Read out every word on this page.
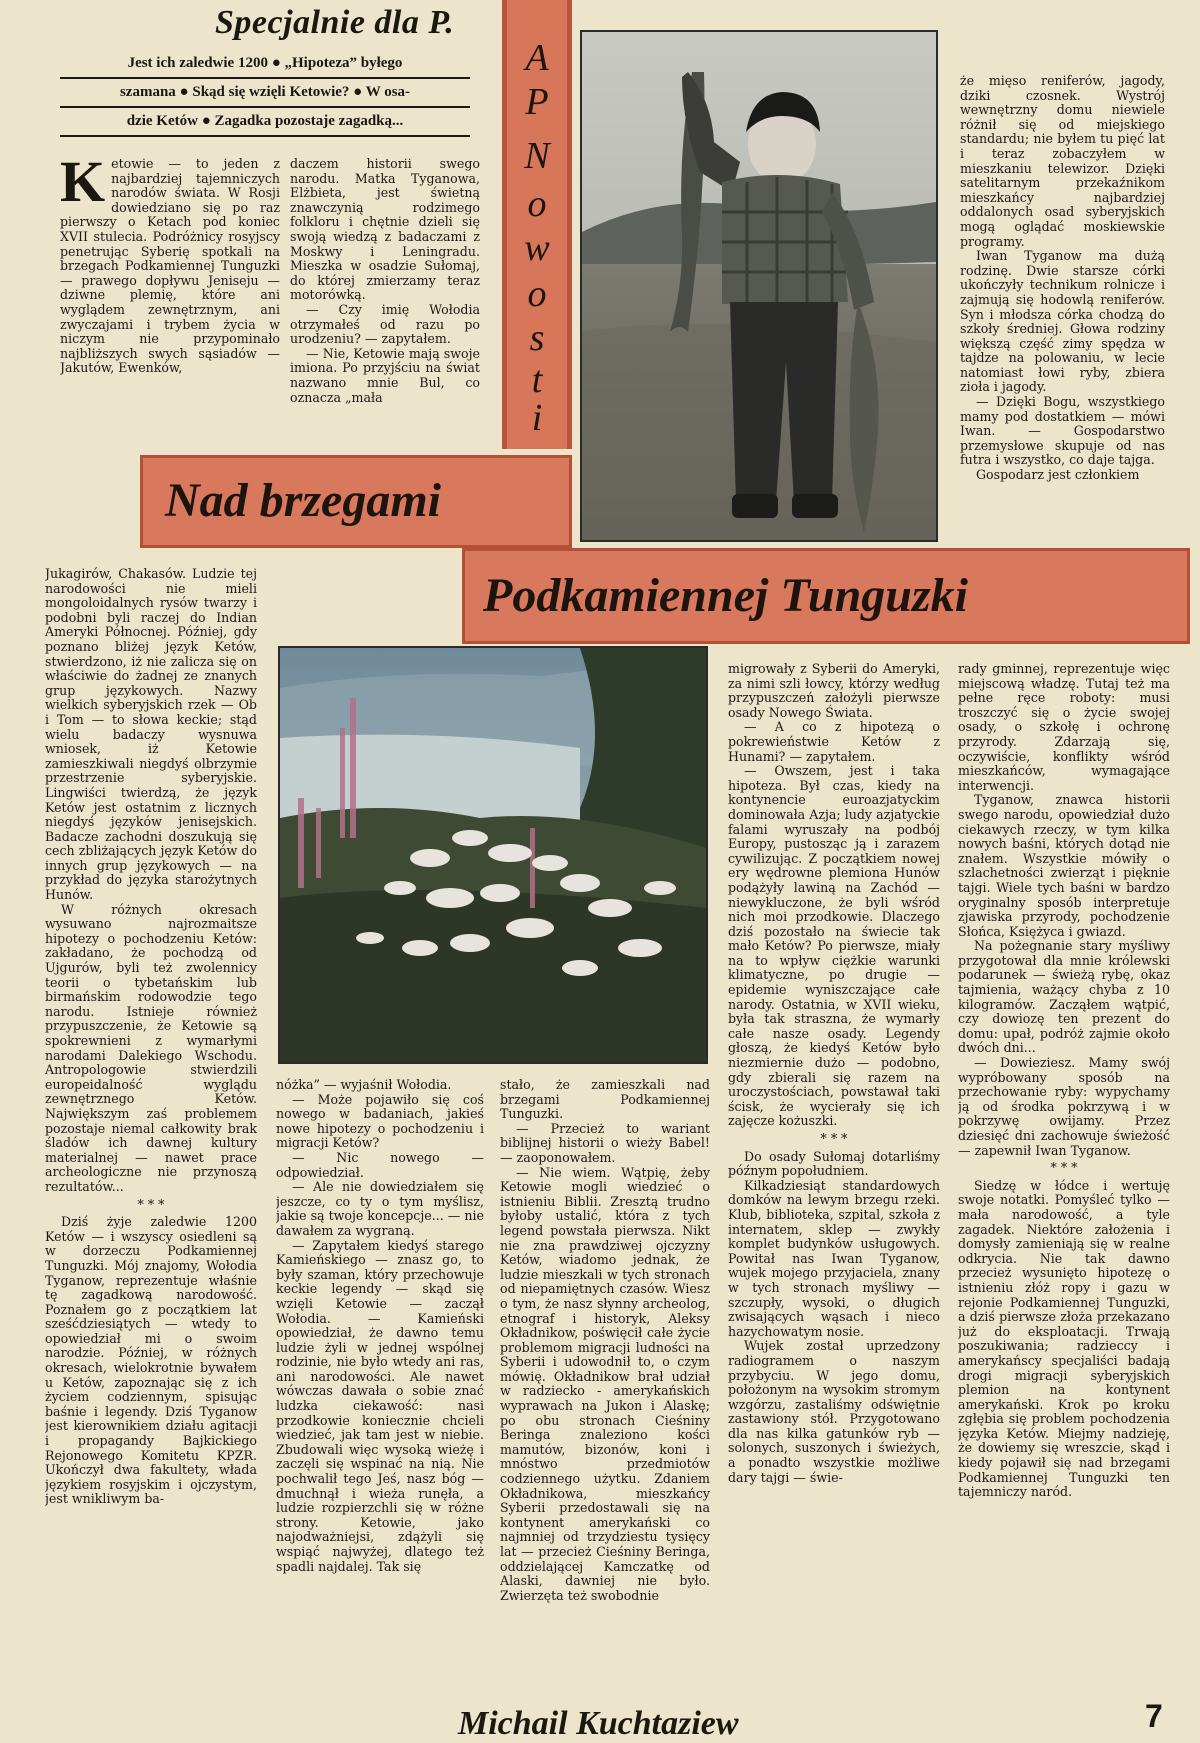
Specjalnie dla P.
Jest ich zaledwie 1200 ● „Hipoteza” byłego
szamana ● Skąd się wzięli Ketowie? ● W osa-
dzie Ketów ● Zagadka pozostaje zagadką...
A
P
N
o
w
o
s
t
i
Nad brzegami
Podkamiennej Tunguzki
K etowie — to jeden z najbardziej tajemniczych narodów świata. W Rosji dowiedziano się po raz pierwszy o Ketach pod koniec XVII stulecia. Podróżnicy rosyjscy penetrując Syberię spotkali na brzegach Podkamiennej Tunguzki — prawego dopływu Jeniseju — dziwne plemię, które ani wyglądem zewnętrznym, ani zwyczajami i trybem życia w niczym nie przypominało najbliższych swych sąsiadów — Jakutów, Ewenków,

daczem historii swego narodu. Matka Tyganowa, Elżbieta, jest świetną znawczynią rodzimego folkloru i chętnie dzieli się swoją wiedzą z badaczami z Moskwy i Leningradu. Mieszka w osadzie Sułomaj, do której zmierzamy teraz motorówką.

— Czy imię Wołodia otrzymałeś od razu po urodzeniu? — zapytałem.

— Nie, Ketowie mają swoje imiona. Po przyjściu na świat nazwano mnie Bul, co oznacza „mała

że mięso reniferów, jagody, dziki czosnek. Wystrój wewnętrzny domu niewiele różnił się od miejskiego standardu; nie byłem tu pięć lat i teraz zobaczyłem w mieszkaniu telewizor. Dzięki satelitarnym przekaźnikom mieszkańcy najbardziej oddalonych osad syberyjskich mogą oglądać moskiewskie programy.

Iwan Tyganow ma dużą rodzinę. Dwie starsze córki ukończyły technikum rolnicze i zajmują się hodowlą reniferów. Syn i młodsza córka chodzą do szkoły średniej. Głowa rodziny większą część zimy spędza w tajdze na polowaniu, w lecie natomiast łowi ryby, zbiera zioła i jagody.

— Dzięki Bogu, wszystkiego mamy pod dostatkiem — mówi Iwan. — Gospodarstwo przemysłowe skupuje od nas futra i wszystko, co daje tajga.

Gospodarz jest członkiem

Jukagirów, Chakasów. Ludzie tej narodowości nie mieli mongoloidalnych rysów twarzy i podobni byli raczej do Indian Ameryki Północnej. Później, gdy poznano bliżej język Ketów, stwierdzono, iż nie zalicza się on właściwie do żadnej ze znanych grup językowych. Nazwy wielkich syberyjskich rzek — Ob i Tom — to słowa keckie; stąd wielu badaczy wysnuwa wniosek, iż Ketowie zamieszkiwali niegdyś olbrzymie przestrzenie syberyjskie. Lingwiści twierdzą, że język Ketów jest ostatnim z licznych niegdyś języków jenisejskich. Badacze zachodni doszukują się cech zbliżających język Ketów do innych grup językowych — na przykład do języka starożytnych Hunów.

W różnych okresach wysuwano najrozmaitsze hipotezy o pochodzeniu Ketów: zakładano, że pochodzą od Ujgurów, byli też zwolennicy teorii o tybetańskim lub birmańskim rodowodzie tego narodu. Istnieje również przypuszczenie, że Ketowie są spokrewnieni z wymarłymi narodami Dalekiego Wschodu. Antropologowie stwierdzili europeidalność wyglądu zewnętrznego Ketów. Największym zaś problemem pozostaje niemal całkowity brak śladów ich dawnej kultury materialnej — nawet prace archeologiczne nie przynoszą rezultatów...

* * *

Dziś żyje zaledwie 1200 Ketów — i wszyscy osiedleni są w dorzeczu Podkamiennej Tunguzki. Mój znajomy, Wołodia Tyganow, reprezentuje właśnie tę zagadkową narodowość. Poznałem go z początkiem lat sześćdziesiątych — wtedy to opowiedział mi o swoim narodzie. Później, w różnych okresach, wielokrotnie bywałem u Ketów, zapoznając się z ich życiem codziennym, spisując baśnie i legendy. Dziś Tyganow jest kierownikiem działu agitacji i propagandy Bajkickiego Rejonowego Komitetu KPZR. Ukończył dwa fakultety, włada językiem rosyjskim i ojczystym, jest wnikliwym ba-

nóżka” — wyjaśnił Wołodia.

— Może pojawiło się coś nowego w badaniach, jakieś nowe hipotezy o pochodzeniu i migracji Ketów?

— Nic nowego — odpowiedział.

— Ale nie dowiedziałem się jeszcze, co ty o tym myślisz, jakie są twoje koncepcje... — nie dawałem za wygraną.

— Zapytałem kiedyś starego Kamieńskiego — znasz go, to były szaman, który przechowuje keckie legendy — skąd się wzięli Ketowie — zaczął Wołodia. — Kamieński opowiedział, że dawno temu ludzie żyli w jednej wspólnej rodzinie, nie było wtedy ani ras, ani narodowości. Ale nawet wówczas dawała o sobie znać ludzka ciekawość: nasi przodkowie koniecznie chcieli wiedzieć, jak tam jest w niebie. Zbudowali więc wysoką wieżę i zaczęli się wspinać na nią. Nie pochwalił tego Jeś, nasz bóg — dmuchnął i wieża runęła, a ludzie rozpierzchli się w różne strony. Ketowie, jako najodważniejsi, zdążyli się wspiąć najwyżej, dlatego też spadli najdalej. Tak się

stało, że zamieszkali nad brzegami Podkamiennej Tunguzki.

— Przecież to wariant biblijnej historii o wieży Babel! — zaoponowałem.

— Nie wiem. Wątpię, żeby Ketowie mogli wiedzieć o istnieniu Biblii. Zresztą trudno byłoby ustalić, która z tych legend powstała pierwsza. Nikt nie zna prawdziwej ojczyzny Ketów, wiadomo jednak, że ludzie mieszkali w tych stronach od niepamiętnych czasów. Wiesz o tym, że nasz słynny archeolog, etnograf i historyk, Aleksy Okładnikow, poświęcił całe życie problemom migracji ludności na Syberii i udowodnił to, o czym mówię. Okładnikow brał udział w radziecko - amerykańskich wyprawach na Jukon i Alaskę; po obu stronach Cieśniny Beringa znaleziono kości mamutów, bizonów, koni i mnóstwo przedmiotów codziennego użytku. Zdaniem Okładnikowa, mieszkańcy Syberii przedostawali się na kontynent amerykański co najmniej od trzydziestu tysięcy lat — przecież Cieśniny Beringa, oddzielającej Kamczatkę od Alaski, dawniej nie było. Zwierzęta też swobodnie

migrowały z Syberii do Ameryki, za nimi szli łowcy, którzy według przypuszczeń założyli pierwsze osady Nowego Świata.

— A co z hipotezą o pokrewieństwie Ketów z Hunami? — zapytałem.

— Owszem, jest i taka hipoteza. Był czas, kiedy na kontynencie euroazjatyckim dominowała Azja; ludy azjatyckie falami wyruszały na podbój Europy, pustosząc ją i zarazem cywilizując. Z początkiem nowej ery wędrowne plemiona Hunów podążyły lawiną na Zachód — niewykluczone, że byli wśród nich moi przodkowie. Dlaczego dziś pozostało na świecie tak mało Ketów? Po pierwsze, miały na to wpływ ciężkie warunki klimatyczne, po drugie — epidemie wyniszczające całe narody. Ostatnia, w XVII wieku, była tak straszna, że wymarły całe nasze osady. Legendy głoszą, że kiedyś Ketów było niezmiernie dużo — podobno, gdy zbierali się razem na uroczystościach, powstawał taki ścisk, że wycierały się ich zajęcze kożuszki.

* * *

Do osady Sułomaj dotarliśmy późnym popołudniem.

Kilkadziesiąt standardowych domków na lewym brzegu rzeki. Klub, biblioteka, szpital, szkoła z internatem, sklep — zwykły komplet budynków usługowych. Powitał nas Iwan Tyganow, wujek mojego przyjaciela, znany w tych stronach myśliwy — szczupły, wysoki, o długich zwisających wąsach i nieco hazychowatym nosie.

Wujek został uprzedzony radiogramem o naszym przybyciu. W jego domu, położonym na wysokim stromym wzgórzu, zastaliśmy odświętnie zastawiony stół. Przygotowano dla nas kilka gatunków ryb — solonych, suszonych i świeżych, a ponadto wszystkie możliwe dary tajgi — świe-

rady gminnej, reprezentuje więc miejscową władzę. Tutaj też ma pełne ręce roboty: musi troszczyć się o życie swojej osady, o szkołę i ochronę przyrody. Zdarzają się, oczywiście, konflikty wśród mieszkańców, wymagające interwencji.

Tyganow, znawca historii swego narodu, opowiedział dużo ciekawych rzeczy, w tym kilka nowych baśni, których dotąd nie znałem. Wszystkie mówiły o szlachetności zwierząt i pięknie tajgi. Wiele tych baśni w bardzo oryginalny sposób interpretuje zjawiska przyrody, pochodzenie Słońca, Księżyca i gwiazd.

Na pożegnanie stary myśliwy przygotował dla mnie królewski podarunek — świeżą rybę, okaz tajmienia, ważący chyba z 10 kilogramów. Zacząłem wątpić, czy dowiozę ten prezent do domu: upał, podróż zajmie około dwóch dni...

— Dowieziesz. Mamy swój wypróbowany sposób na przechowanie ryby: wypychamy ją od środka pokrzywą i w pokrzywę owijamy. Przez dziesięć dni zachowuje świeżość — zapewnił Iwan Tyganow.

* * *

Siedzę w łódce i wertuję swoje notatki. Pomyśleć tylko — mała narodowość, a tyle zagadek. Niektóre założenia i domysły zamieniają się w realne odkrycia. Nie tak dawno przecież wysunięto hipotezę o istnieniu złóż ropy i gazu w rejonie Podkamiennej Tunguzki, a dziś pierwsze złoża przekazano już do eksploatacji. Trwają poszukiwania; radzieccy i amerykańscy specjaliści badają drogi migracji syberyjskich plemion na kontynent amerykański. Krok po kroku zgłębia się problem pochodzenia języka Ketów. Miejmy nadzieję, że dowiemy się wreszcie, skąd i kiedy pojawił się nad brzegami Podkamiennej Tunguzki ten tajemniczy naród.

Michail Kuchtaziew	7
